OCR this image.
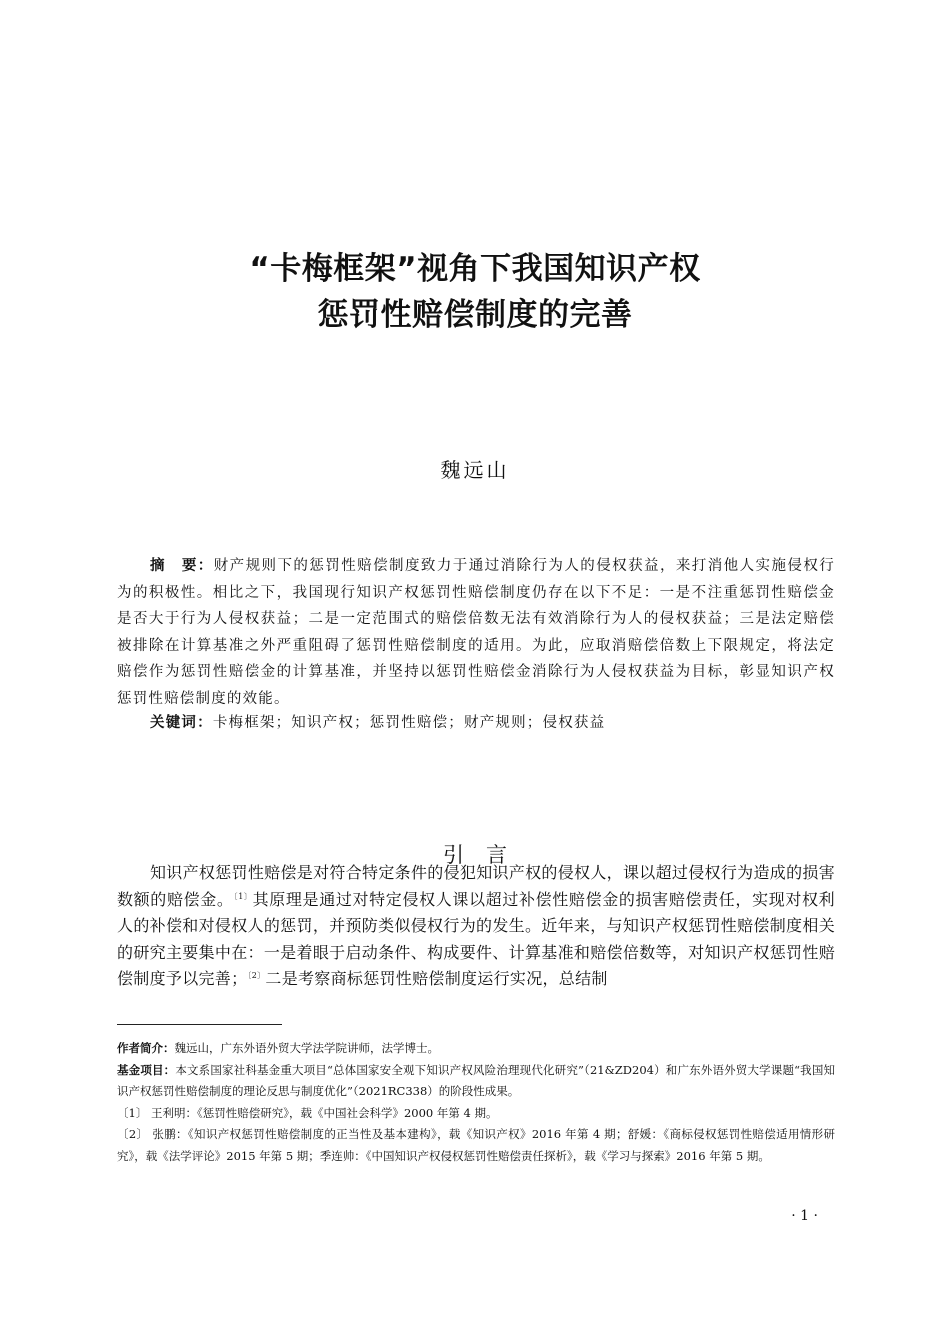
“卡梅框架”视角下我国知识产权
惩罚性赔偿制度的完善
魏远山
摘　要：财产规则下的惩罚性赔偿制度致力于通过消除行为人的侵权获益，来打消他人实施侵权行为的积极性。相比之下，我国现行知识产权惩罚性赔偿制度仍存在以下不足：一是不注重惩罚性赔偿金是否大于行为人侵权获益；二是一定范围式的赔偿倍数无法有效消除行为人的侵权获益；三是法定赔偿被排除在计算基准之外严重阻碍了惩罚性赔偿制度的适用。为此，应取消赔偿倍数上下限规定，将法定赔偿作为惩罚性赔偿金的计算基准，并坚持以惩罚性赔偿金消除行为人侵权获益为目标，彰显知识产权惩罚性赔偿制度的效能。
关键词：卡梅框架；知识产权；惩罚性赔偿；财产规则；侵权获益
引言

知识产权惩罚性赔偿是对符合特定条件的侵犯知识产权的侵权人，课以超过侵权行为造成的损害数额的赔偿金。$^{〔1〕}$其原理是通过对特定侵权人课以超过补偿性赔偿金的损害赔偿责任，实现对权利人的补偿和对侵权人的惩罚，并预防类似侵权行为的发生。近年来，与知识产权惩罚性赔偿制度相关的研究主要集中在：一是着眼于启动条件、构成要件、计算基准和赔偿倍数等，对知识产权惩罚性赔偿制度予以完善；$^{〔2〕}$二是考察商标惩罚性赔偿制度运行实况，总结制

作者简介：魏远山，广东外语外贸大学法学院讲师，法学博士。

基金项目：本文系国家社科基金重大项目“总体国家安全观下知识产权风险治理现代化研究”（21&ZD204）和广东外语外贸大学课题“我国知识产权惩罚性赔偿制度的理论反思与制度优化”（2021RC338）的阶段性成果。

〔1〕 王利明：《惩罚性赔偿研究》，载《中国社会科学》2000 年第 4 期。

〔2〕 张鹏：《知识产权惩罚性赔偿制度的正当性及基本建构》，载《知识产权》2016 年第 4 期；舒媛：《商标侵权惩罚性赔偿适用情形研究》，载《法学评论》2015 年第 5 期；季连帅：《中国知识产权侵权惩罚性赔偿责任探析》，载《学习与探索》2016 年第 5 期。

· 1 ·
